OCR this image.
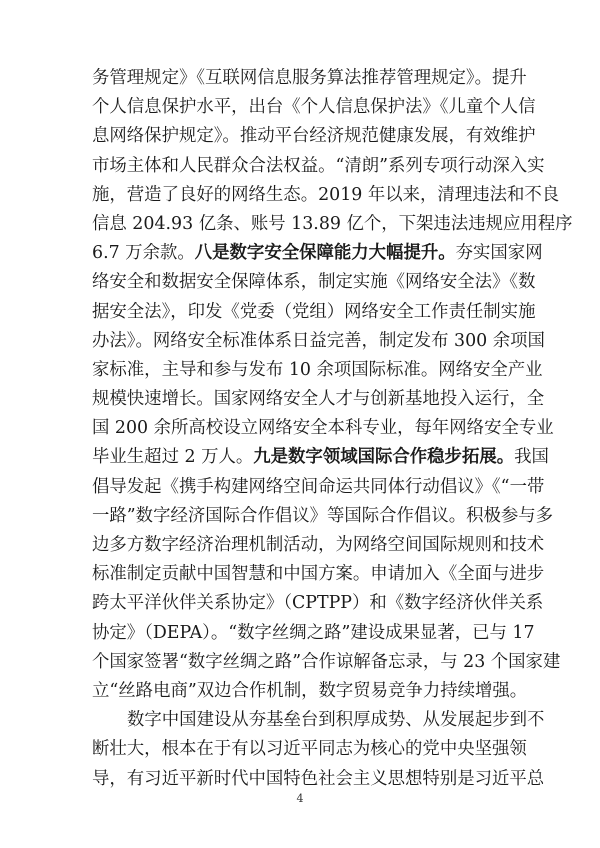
务管理规定》《互联网信息服务算法推荐管理规定》。提升
个人信息保护水平，出台《个人信息保护法》《儿童个人信
息网络保护规定》。推动平台经济规范健康发展，有效维护
市场主体和人民群众合法权益。“清朗”系列专项行动深入实
施，营造了良好的网络生态。2019 年以来，清理违法和不良
信息 204.93 亿条、账号 13.89 亿个，下架违法违规应用程序
6.7 万余款。八是数字安全保障能力大幅提升。夯实国家网
络安全和数据安全保障体系，制定实施《网络安全法》《数
据安全法》，印发《党委（党组）网络安全工作责任制实施
办法》。网络安全标准体系日益完善，制定发布 300 余项国
家标准，主导和参与发布 10 余项国际标准。网络安全产业
规模快速增长。国家网络安全人才与创新基地投入运行，全
国 200 余所高校设立网络安全本科专业，每年网络安全专业
毕业生超过 2 万人。九是数字领域国际合作稳步拓展。我国
倡导发起《携手构建网络空间命运共同体行动倡议》《“一带
一路”数字经济国际合作倡议》等国际合作倡议。积极参与多
边多方数字经济治理机制活动，为网络空间国际规则和技术
标准制定贡献中国智慧和中国方案。申请加入《全面与进步
跨太平洋伙伴关系协定》（CPTPP）和《数字经济伙伴关系
协定》（DEPA）。“数字丝绸之路”建设成果显著，已与 17
个国家签署“数字丝绸之路”合作谅解备忘录，与 23 个国家建
立“丝路电商”双边合作机制，数字贸易竞争力持续增强。
数字中国建设从夯基垒台到积厚成势、从发展起步到不
断壮大，根本在于有以习近平同志为核心的党中央坚强领
导，有习近平新时代中国特色社会主义思想特别是习近平总
4
